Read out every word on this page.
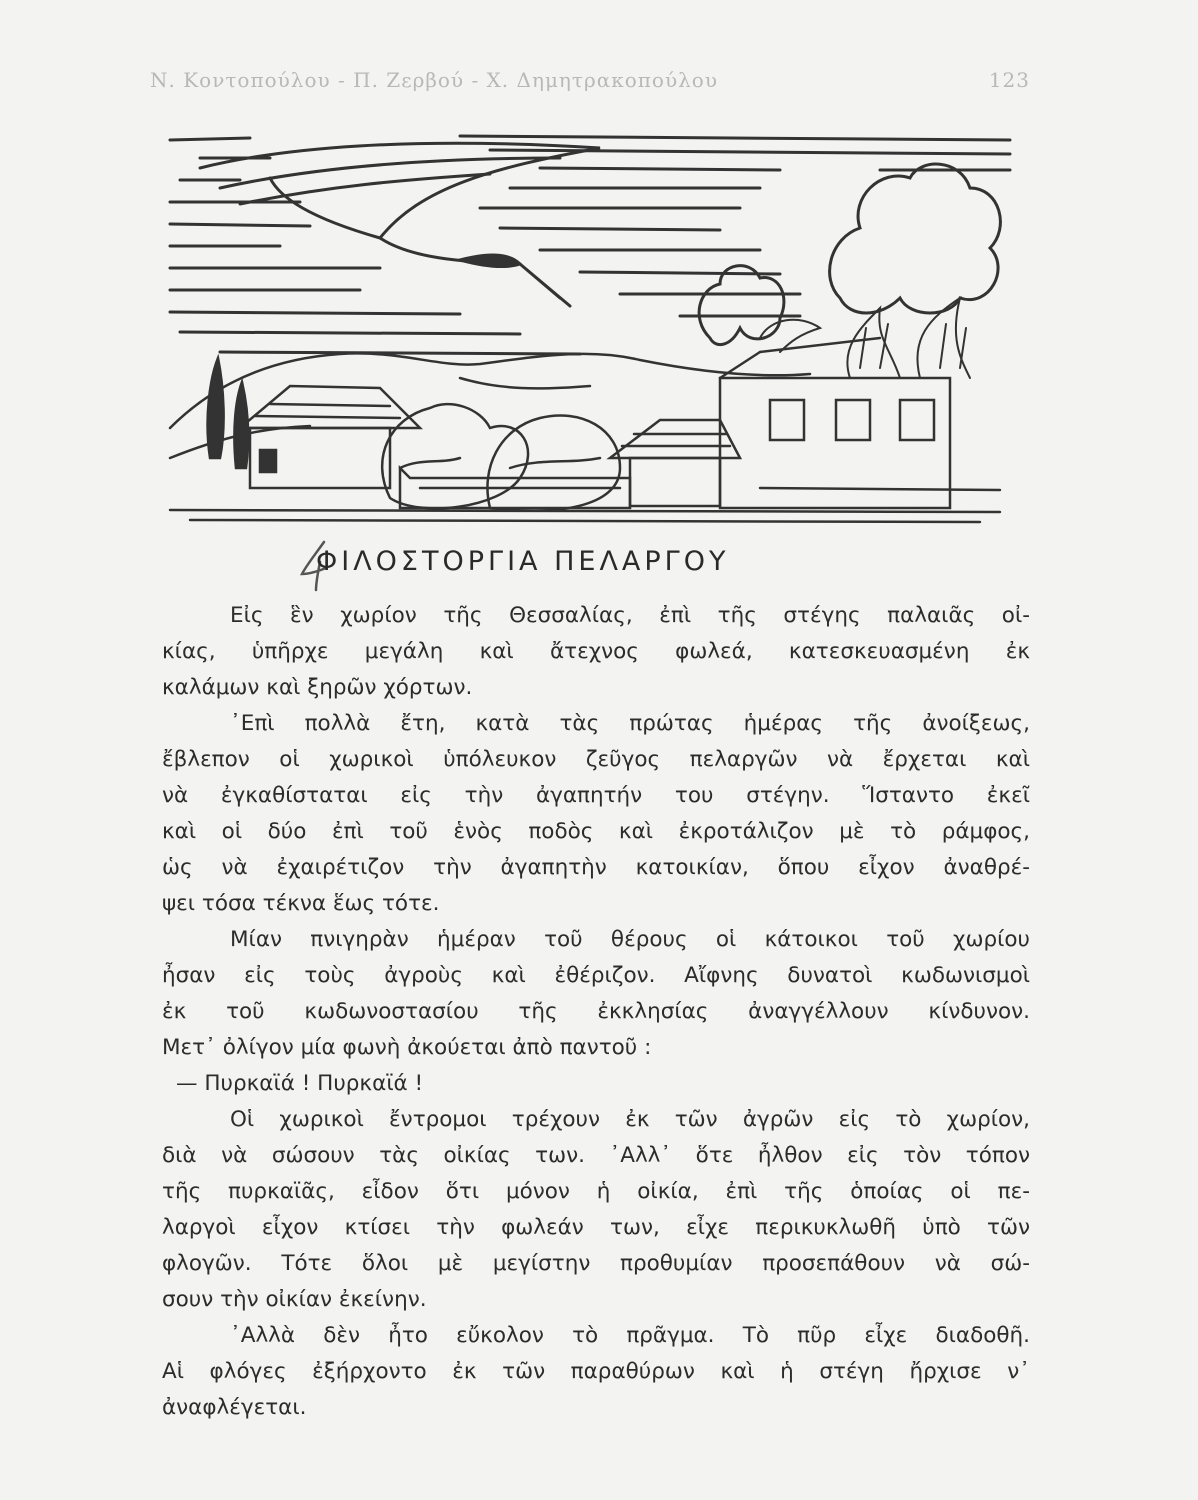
Ν. Κοντοπούλου - Π. Ζερβού - Χ. Δημητρακοπούλου	123
ΦΙΛΟΣΤΟΡΓΙΑ ΠΕΛΑΡΓΟΥ
Εἰς ἓν χωρίον τῆς Θεσσαλίας, ἐπὶ τῆς στέγης παλαιᾶς οἰ-
κίας, ὑπῆρχε μεγάλη καὶ ἄτεχνος φωλεά, κατεσκευασμένη ἐκ
καλάμων καὶ ξηρῶν χόρτων.
᾿Επὶ πολλὰ ἔτη, κατὰ τὰς πρώτας ἡμέρας τῆς ἀνοίξεως,
ἔβλεπον οἱ χωρικοὶ ὑπόλευκον ζεῦγος πελαργῶν νὰ ἔρχεται καὶ
νὰ ἐγκαθίσταται εἰς τὴν ἀγαπητήν του στέγην. Ἵσταντο ἐκεῖ
καὶ οἱ δύο ἐπὶ τοῦ ἑνὸς ποδὸς καὶ ἐκροτάλιζον μὲ τὸ ράμφος,
ὡς νὰ ἐχαιρέτιζον τὴν ἀγαπητὴν κατοικίαν, ὅπου εἶχον ἀναθρέ-
ψει τόσα τέκνα ἕως τότε.
Μίαν πνιγηρὰν ἡμέραν τοῦ θέρους οἱ κάτοικοι τοῦ χωρίου
ἦσαν εἰς τοὺς ἀγροὺς καὶ ἐθέριζον. Αἴφνης δυνατοὶ κωδωνισμοὶ
ἐκ τοῦ κωδωνοστασίου τῆς ἐκκλησίας ἀναγγέλλουν κίνδυνον.
Μετ᾿ ὀλίγον μία φωνὴ ἀκούεται ἀπὸ παντοῦ :
— Πυρκαϊά ! Πυρκαϊά !
Οἱ χωρικοὶ ἔντρομοι τρέχουν ἐκ τῶν ἀγρῶν εἰς τὸ χωρίον,
διὰ νὰ σώσουν τὰς οἰκίας των. ᾿Αλλ᾿ ὅτε ἦλθον εἰς τὸν τόπον
τῆς πυρκαϊᾶς, εἶδον ὅτι μόνον ἡ οἰκία, ἐπὶ τῆς ὁποίας οἱ πε-
λαργοὶ εἶχον κτίσει τὴν φωλεάν των, εἶχε περικυκλωθῆ ὑπὸ τῶν
φλογῶν. Τότε ὅλοι μὲ μεγίστην προθυμίαν προσεπάθουν νὰ σώ-
σουν τὴν οἰκίαν ἐκείνην.
᾿Αλλὰ δὲν ἦτο εὔκολον τὸ πρᾶγμα. Τὸ πῦρ εἶχε διαδοθῆ.
Αἱ φλόγες ἐξήρχοντο ἐκ τῶν παραθύρων καὶ ἡ στέγη ἤρχισε ν᾿
ἀναφλέγεται.
